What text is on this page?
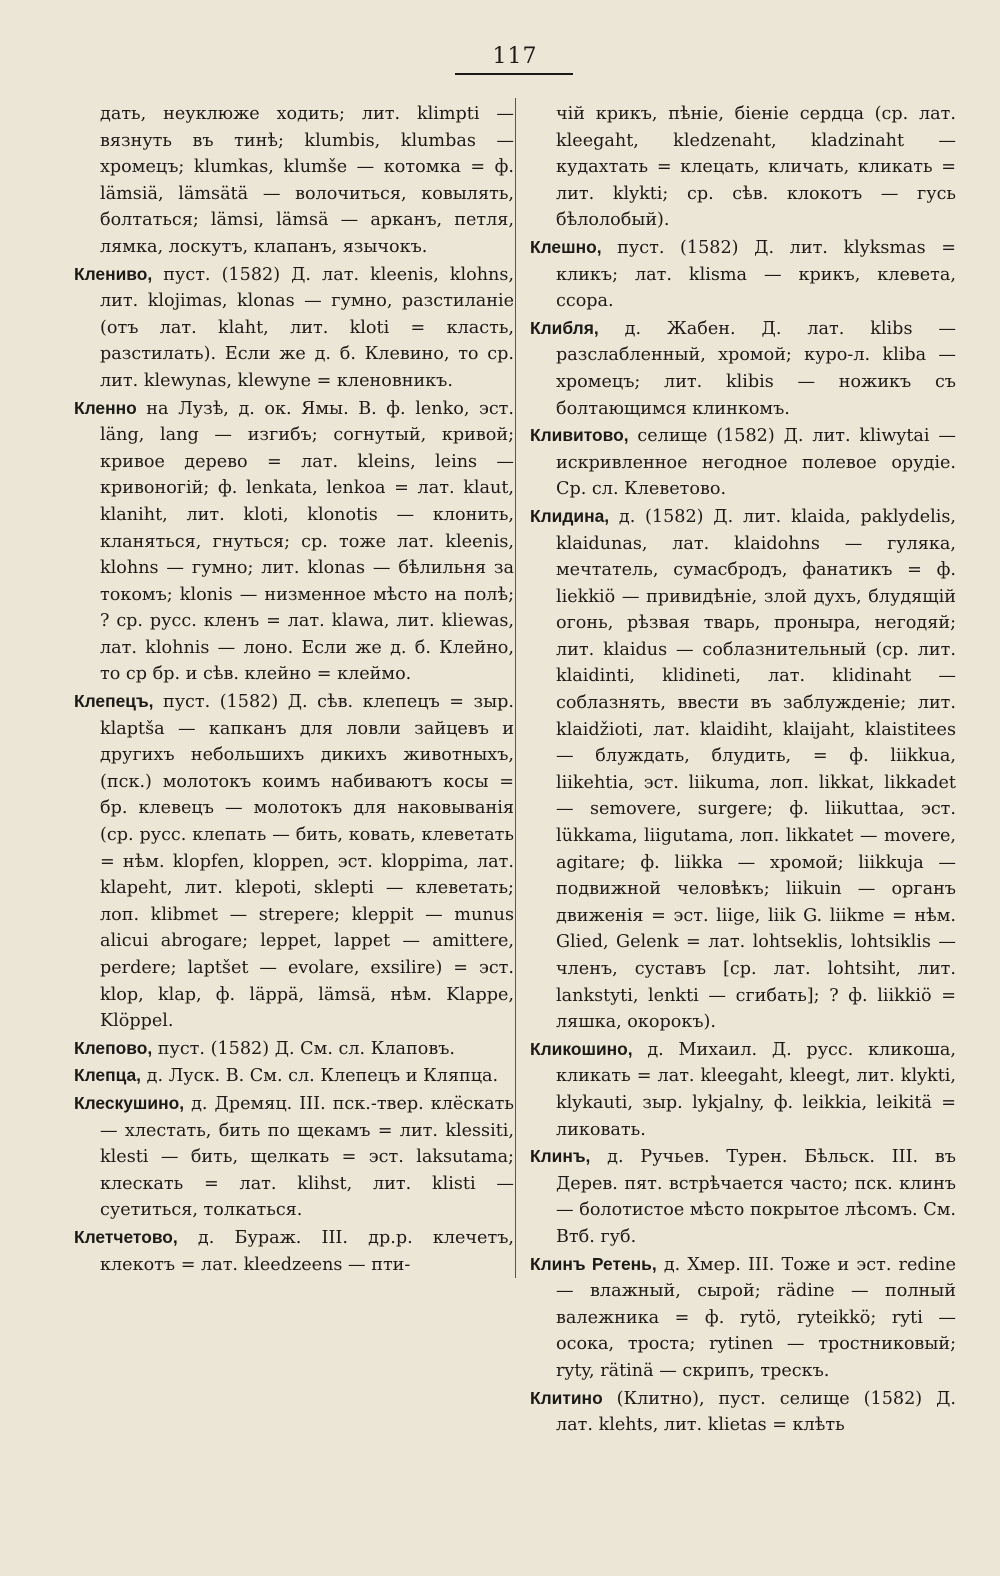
117

дать, неуклюже ходить; лит. klimpti — вязнуть въ тинѣ; klumbis, klumbas — хромецъ; klumkas, klumše — котомка = ф. lämsiä, lämsätä — волочиться, ковылять, болтаться; lämsi, lämsä — арканъ, петля, лямка, лоскутъ, клапанъ, язычокъ.

Клениво, пуст. (1582) Д. лат. kleenis, klohns, лит. klojimas, klonas — гумно, разстиланіе (отъ лат. klaht, лит. kloti = класть, разстилать). Если же д. б. Клевино, то ср. лит. klewynas, klewyne = кленовникъ.

Кленно на Лузѣ, д. ок. Ямы. В. ф. lenko, эст. läng, lang — изгибъ; согнутый, кривой; кривое дерево = лат. kleins, leins — кривоногій; ф. lenkata, lenkoa = лат. klaut, klaniht, лит. kloti, klonotis — клонить, кланяться, гнуться; ср. тоже лат. kleenis, klohns — гумно; лит. klonas — бѣлильня за токомъ; klonis — низменное мѣсто на полѣ; ? ср. русс. кленъ = лат. klawa, лит. kliewas, лат. klohnis — лоно. Если же д. б. Клейно, то ср бр. и сѣв. клейно = клеймо.

Клепецъ, пуст. (1582) Д. сѣв. клепецъ = зыр. klaptša — капканъ для ловли зайцевъ и другихъ небольшихъ дикихъ животныхъ, (пск.) молотокъ коимъ набиваютъ косы = бр. клевецъ — молотокъ для наковыванія (ср. русс. клепать — бить, ковать, клеветать = нѣм. klopfen, kloppen, эст. kloppima, лат. klapeht, лит. klepoti, sklepti — клеветать; лоп. klibmet — strepere; kleppit — munus alicui abrogare; leppet, lappet — amittere, perdere; laptšet — evolare, exsilire) = эст. klop, klap, ф. läppä, lämsä, нѣм. Klappe, Klöppel.

Клепово, пуст. (1582) Д. См. сл. Клаповъ.

Клепца, д. Луск. В. См. сл. Клепецъ и Кляпца.

Клескушино, д. Дремяц. III. пск.-твер. клёскать — хлестать, бить по щекамъ = лит. klessiti, klesti — бить, щелкать = эст. laksutama; клескать = лат. klihst, лит. klisti — суетиться, толкаться.

Клетчетово, д. Бураж. III. др.р. клечетъ, клекотъ = лат. kleedzeens — пти-

чій крикъ, пѣніе, біеніе сердца (ср. лат. kleegaht, kledzenaht, kladzinaht — кудахтать = клецать, кличать, кликать = лит. klykti; ср. сѣв. клокотъ — гусь бѣлолобый).

Клешно, пуст. (1582) Д. лит. klyksmas = кликъ; лат. klisma — крикъ, клевета, ссора.

Клибля, д. Жабен. Д. лат. klibs — разслабленный, хромой; куро-л. kliba — хромецъ; лит. klibis — ножикъ съ болтающимся клинкомъ.

Кливитово, селище (1582) Д. лит. kliwytai — искривленное негодное полевое орудіе. Ср. сл. Клеветово.

Клидина, д. (1582) Д. лит. klaida, paklydelis, klaidunas, лат. klaidohns — гуляка, мечтатель, сумасбродъ, фанатикъ = ф. liekkiö — привидѣніе, злой духъ, блудящій огонь, рѣзвая тварь, пронырa, негодяй; лит. klaidus — соблазнительный (ср. лит. klaidinti, klidineti, лат. klidinaht — соблазнять, ввести въ заблужденіе; лит. klaidžioti, лат. klaidiht, klaijaht, klaistitees — блуждать, блудить, = ф. liikkua, liikehtia, эст. liikuma, лоп. likkat, likkadet — semovere, surgere; ф. liikuttaa, эст. lükkama, liigutama, лоп. likkatet — movere, agitare; ф. liikka — хромой; liikkuja — подвижной человѣкъ; liikuin — органъ движенія = эст. liige, liik G. liikme = нѣм. Glied, Gelenk = лат. lohtseklis, lohtsiklis — членъ, суставъ [ср. лат. lohtsiht, лит. lankstyti, lenkti — сгибать]; ? ф. liikkiö = ляшка, окорокъ).

Кликошино, д. Михаил. Д. русс. кликоша, кликать = лат. kleegaht, kleegt, лит. klykti, klykauti, зыр. lykjalny, ф. leikkia, leikitä = ликовать.

Клинъ, д. Ручьев. Турен. Бѣльск. III. въ Дерев. пят. встрѣчается часто; пск. клинъ — болотистое мѣсто покрытое лѣсомъ. См. Втб. губ.

Клинъ Ретень, д. Хмер. III. Тоже и эст. redine — влажный, сырой; rädine — полный валежника = ф. rytö, ryteikkö; ryti — осока, троста; rytinen — тростниковый; ryty, rätinä — скрипъ, трескъ.

Клитино (Клитно), пуст. селище (1582) Д. лат. klehts, лит. klietas = клѣть
